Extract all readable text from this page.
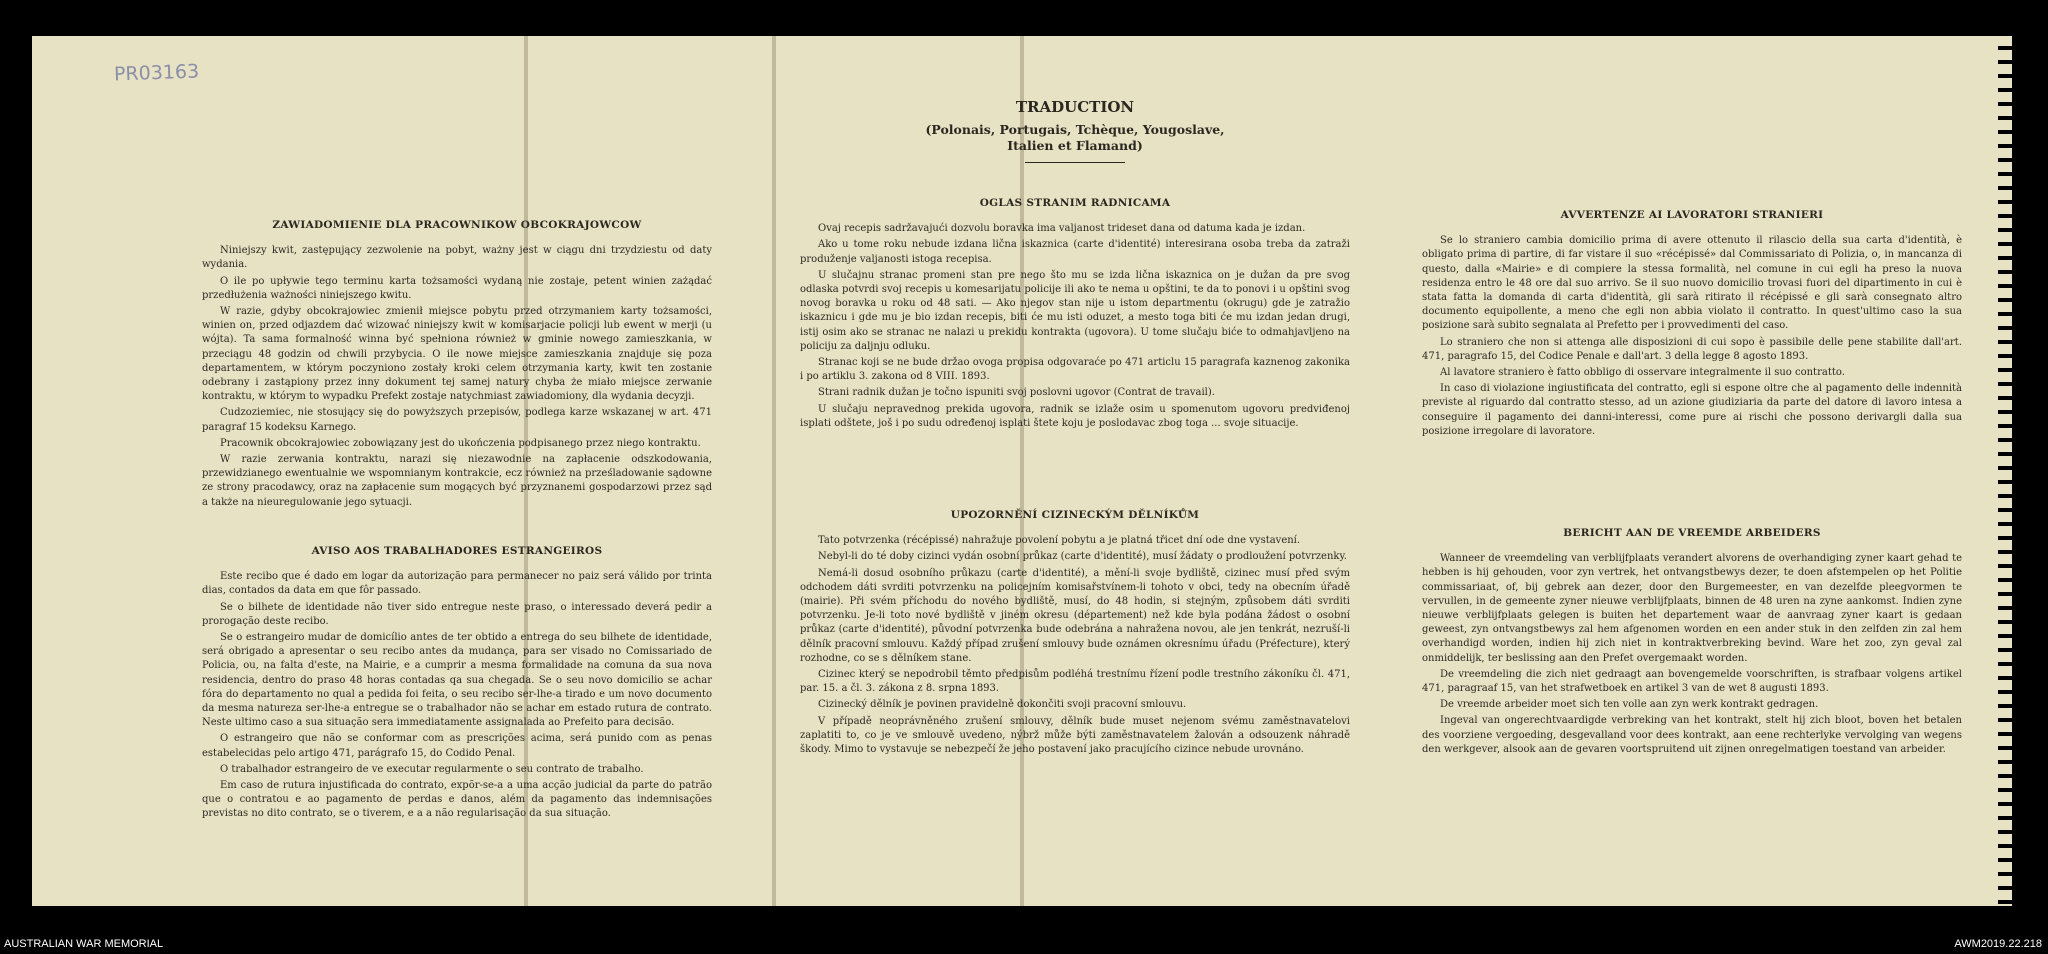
PR03163
ZAWIADOMIENIE DLA PRACOWNIKOW OBCOKRAJOWCOW

Niniejszy kwit, zastępujący zezwolenie na pobyt, ważny jest w ciągu dni trzydziestu od daty wydania.

O ile po upływie tego terminu karta tożsamości wydaną nie zostaje, petent winien zażądać przedłużenia ważności niniejszego kwitu.

W razie, gdyby obcokrajowiec zmienił miejsce pobytu przed otrzymaniem karty tożsamości, winien on, przed odjazdem dać wizować niniejszy kwit w komisarjacie policji lub ewent w merji (u wójta). Ta sama formalność winna być spełniona również w gminie nowego zamieszkania, w przeciągu 48 godzin od chwili przybycia. O ile nowe miejsce zamieszkania znajduje się poza departamentem, w którym poczyniono zostały kroki celem otrzymania karty, kwit ten zostanie odebrany i zastąpiony przez inny dokument tej samej natury chyba że miało miejsce zerwanie kontraktu, w którym to wypadku Prefekt zostaje natychmiast zawiadomiony, dla wydania decyzji.

Cudzoziemiec, nie stosujący się do powyższych przepisów, podlega karze wskazanej w art. 471 paragraf 15 kodeksu Karnego.

Pracownik obcokrajowiec zobowiązany jest do ukończenia podpisanego przez niego kontraktu.

W razie zerwania kontraktu, narazi się niezawodnie na zapłacenie odszkodowania, przewidzianego ewentualnie we wspomnianym kontrakcie, ecz również na prześladowanie sądowne ze strony pracodawcy, oraz na zapłacenie sum mogących być przyznanemi gospodarzowi przez sąd a także na nieuregulowanie jego sytuacji.

AVISO AOS TRABALHADORES ESTRANGEIROS

Este recibo que é dado em logar da autorização para permanecer no paiz será válido por trinta dias, contados da data em que fôr passado.

Se o bilhete de identidade não tiver sido entregue neste praso, o interessado deverá pedir a prorogação deste recibo.

Se o estrangeiro mudar de domicílio antes de ter obtido a entrega do seu bilhete de identidade, será obrigado a apresentar o seu recibo antes da mudança, para ser visado no Comissariado de Policia, ou, na falta d'este, na Mairie, e a cumprir a mesma formalidade na comuna da sua nova residencia, dentro do praso 48 horas contadas qa sua chegada. Se o seu novo domicilio se achar fóra do departamento no qual a pedida foi feita, o seu recibo ser-lhe-a tirado e um novo documento da mesma natureza ser-lhe-a entregue se o trabalhador não se achar em estado rutura de contrato. Neste ultimo caso a sua situação sera immediatamente assignalada ao Prefeito para decisão.

O estrangeiro que não se conformar com as prescrições acima, será punido com as penas estabelecidas pelo artigo 471, parágrafo 15, do Codido Penal.

O trabalhador estrangeiro de ve executar regularmente o seu contrato de trabalho.

Em caso de rutura injustificada do contrato, expõr-se-a a uma acção judicial da parte do patrão que o contratou e ao pagamento de perdas e danos, além da pagamento das indemnisações previstas no dito contrato, se o tiverem, e a a não regularisação da sua situação.

TRADUCTION
(Polonais, Portugais, Tchèque, Yougoslave,
Italien et Flamand)
OGLAS STRANIM RADNICAMA

Ovaj recepis sadržavajući dozvolu boravka ima valjanost trideset dana od datuma kada je izdan.

Ako u tome roku nebude izdana lična iskaznica (carte d'identité) interesirana osoba treba da zatraži produženje valjanosti istoga recepisa.

U slučajnu stranac promeni stan pre nego što mu se izda lična iskaznica on je dužan da pre svog odlaska potvrdi svoj recepis u komesarijatu policije ili ako te nema u opštini, te da to ponovi i u opštini svog novog boravka u roku od 48 sati. — Ako njegov stan nije u istom departmentu (okrugu) gde je zatražio iskaznicu i gde mu je bio izdan recepis, biti će mu isti oduzet, a mesto toga biti će mu izdan jedan drugi, istij osim ako se stranac ne nalazi u prekidu kontrakta (ugovora). U tome slučaju biće to odmahjavljeno na policiju za daljnju odluku.

Stranac koji se ne bude držao ovoga propisa odgovaraće po 471 articlu 15 paragrafa kaznenog zakonika i po artiklu 3. zakona od 8 VIII. 1893.

Strani radnik dužan je točno ispuniti svoj poslovni ugovor (Contrat de travail).

U slučaju nepravednog prekida ugovora, radnik se izlaže osim u spomenutom ugovoru predviđenoj isplati odštete, još i po sudu određenoj isplati štete koju je poslodavac zbog toga ... svoje situacije.

UPOZORNĚNÍ CIZINECKÝM DĚLNÍKŮM

Tato potvrzenka (récépissé) nahražuje povolení pobytu a je platná třicet dní ode dne vystavení.

Nebyl-li do té doby cizinci vydán osobní průkaz (carte d'identité), musí žádaty o prodloužení potvrzenky.

Nemá-li dosud osobního průkazu (carte d'identité), a mění-li svoje bydliště, cizinec musí před svým odchodem dáti svrditi potvrzenku na policejním komisařstvínem-li tohoto v obci, tedy na obecním úřadě (mairie). Při svém příchodu do nového bydliště, musí, do 48 hodin, si stejným, způsobem dáti svrditi potvrzenku. Je-li toto nové bydliště v jiném okresu (département) než kde byla podána žádost o osobní průkaz (carte d'identité), původní potvrzenka bude odebrána a nahražena novou, ale jen tenkrát, nezruší-li dělník pracovní smlouvu. Každý případ zrušení smlouvy bude oznámen okresnímu úřadu (Préfecture), který rozhodne, co se s dělníkem stane.

Cizinec který se nepodrobil těmto předpisům podléhá trestnímu řízení podle trestního zákoníku čl. 471, par. 15. a čl. 3. zákona z 8. srpna 1893.

Cizinecký dělník je povinen pravidelně dokončiti svoji pracovní smlouvu.

V případě neoprávněného zrušení smlouvy, dělník bude muset nejenom svému zaměstnavatelovi zaplatiti to, co je ve smlouvě uvedeno, nýbrž může býti zaměstnavatelem žalován a odsouzenk náhradě škody. Mimo to vystavuje se nebezpečí že jeho postavení jako pracujícího cizince nebude urovnáno.

AVVERTENZE AI LAVORATORI STRANIERI

Se lo straniero cambia domicilio prima di avere ottenuto il rilascio della sua carta d'identità, è obligato prima di partire, di far vistare il suo «récépissé» dal Commissariato di Polizia, o, in mancanza di questo, dalla «Mairie» e di compiere la stessa formalità, nel comune in cui egli ha preso la nuova residenza entro le 48 ore dal suo arrivo. Se il suo nuovo domicilio trovasi fuori del dipartimento in cui è stata fatta la domanda di carta d'identità, gli sarà ritirato il récépissé e gli sarà consegnato altro documento equipollente, a meno che egli non abbia violato il contratto. In quest'ultimo caso la sua posizione sarà subito segnalata al Prefetto per i provvedimenti del caso.

Lo straniero che non si attenga alle disposizioni di cui sopo è passibile delle pene stabilite dall'art. 471, paragrafo 15, del Codice Penale e dall'art. 3 della legge 8 agosto 1893.

Al lavatore straniero è fatto obbligo di osservare integralmente il suo contratto.

In caso di violazione ingiustificata del contratto, egli si espone oltre che al pagamento delle indennità previste al riguardo dal contratto stesso, ad un azione giudiziaria da parte del datore di lavoro intesa a conseguire il pagamento dei danni-interessi, come pure ai rischi che possono derivargli dalla sua posizione irregolare di lavoratore.

BERICHT AAN DE VREEMDE ARBEIDERS

Wanneer de vreemdeling van verblijfplaats verandert alvorens de overhandiging zyner kaart gehad te hebben is hij gehouden, voor zyn vertrek, het ontvangstbewys dezer, te doen afstempelen op het Politie commissariaat, of, bij gebrek aan dezer, door den Burgemeester, en van dezelfde pleegvormen te vervullen, in de gemeente zyner nieuwe verblijfplaats, binnen de 48 uren na zyne aankomst. Indien zyne nieuwe verblijfplaats gelegen is buiten het departement waar de aanvraag zyner kaart is gedaan geweest, zyn ontvangstbewys zal hem afgenomen worden en een ander stuk in den zelfden zin zal hem overhandigd worden, indien hij zich niet in kontraktverbreking bevind. Ware het zoo, zyn geval zal onmiddelijk, ter beslissing aan den Prefet overgemaakt worden.

De vreemdeling die zich niet gedraagt aan bovengemelde voorschriften, is strafbaar volgens artikel 471, paragraaf 15, van het strafwetboek en artikel 3 van de wet 8 augusti 1893.

De vreemde arbeider moet sich ten volle aan zyn werk kontrakt gedragen.

Ingeval van ongerechtvaardigde verbreking van het kontrakt, stelt hij zich bloot, boven het betalen des voorziene vergoeding, desgevalland voor dees kontrakt, aan eene rechterlyke vervolging van wegens den werkgever, alsook aan de gevaren voortspruitend uit zijnen onregelmatigen toestand van arbeider.

AUSTRALIAN WAR MEMORIAL	AWM2019.22.218
